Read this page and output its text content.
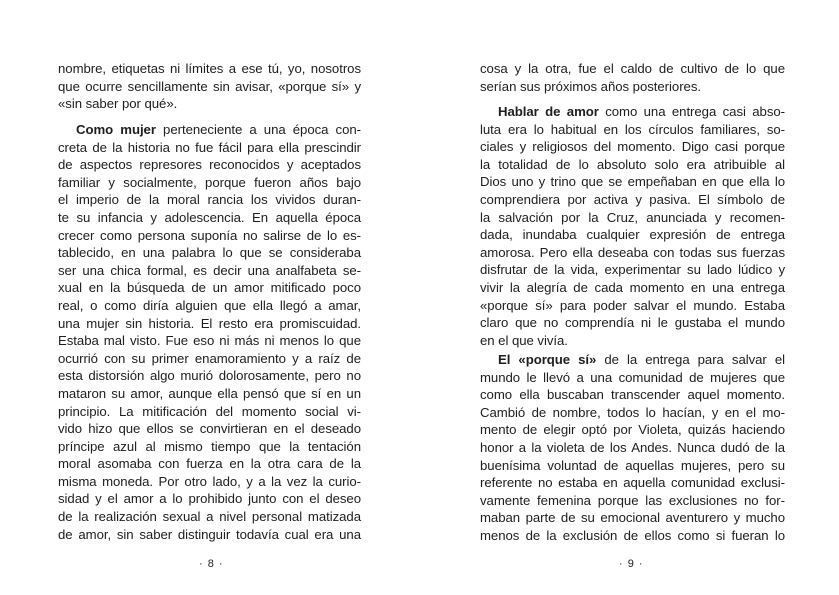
nombre, etiquetas ni límites a ese tú, yo, nosotros
que ocurre sencillamente sin avisar, «porque sí» y
«sin saber por qué».
Como mujer perteneciente a una época con-
creta de la historia no fue fácil para ella prescindir
de aspectos represores reconocidos y aceptados
familiar y socialmente, porque fueron años bajo
el imperio de la moral rancia los vividos duran-
te su infancia y adolescencia. En aquella época
crecer como persona suponía no salirse de lo es-
tablecido, en una palabra lo que se consideraba
ser una chica formal, es decir una analfabeta se-
xual en la búsqueda de un amor mitificado poco
real, o como diría alguien que ella llegó a amar,
una mujer sin historia. El resto era promiscuidad.
Estaba mal visto. Fue eso ni más ni menos lo que
ocurrió con su primer enamoramiento y a raíz de
esta distorsión algo murió dolorosamente, pero no
mataron su amor, aunque ella pensó que sí en un
principio. La mitificación del momento social vi-
vido hizo que ellos se convirtieran en el deseado
príncipe azul al mismo tiempo que la tentación
moral asomaba con fuerza en la otra cara de la
misma moneda. Por otro lado, y a la vez la curio-
sidad y el amor a lo prohibido junto con el deseo
de la realización sexual a nivel personal matizada
de amor, sin saber distinguir todavía cual era una
· 8 ·
cosa y la otra, fue el caldo de cultivo de lo que
serían sus próximos años posteriores.
Hablar de amor como una entrega casi abso-
luta era lo habitual en los círculos familiares, so-
ciales y religiosos del momento. Digo casi porque
la totalidad de lo absoluto solo era atribuible al
Dios uno y trino que se empeñaban en que ella lo
comprendiera por activa y pasiva. El símbolo de
la salvación por la Cruz, anunciada y recomen-
dada, inundaba cualquier expresión de entrega
amorosa. Pero ella deseaba con todas sus fuerzas
disfrutar de la vida, experimentar su lado lúdico y
vivir la alegría de cada momento en una entrega
«porque sí» para poder salvar el mundo. Estaba
claro que no comprendía ni le gustaba el mundo
en el que vivía.
El «porque sí» de la entrega para salvar el
mundo le llevó a una comunidad de mujeres que
como ella buscaban transcender aquel momento.
Cambió de nombre, todos lo hacían, y en el mo-
mento de elegir optó por Violeta, quizás haciendo
honor a la violeta de los Andes. Nunca dudó de la
buenísima voluntad de aquellas mujeres, pero su
referente no estaba en aquella comunidad exclusi-
vamente femenina porque las exclusiones no for-
maban parte de su emocional aventurero y mucho
menos de la exclusión de ellos como si fueran lo
· 9 ·
